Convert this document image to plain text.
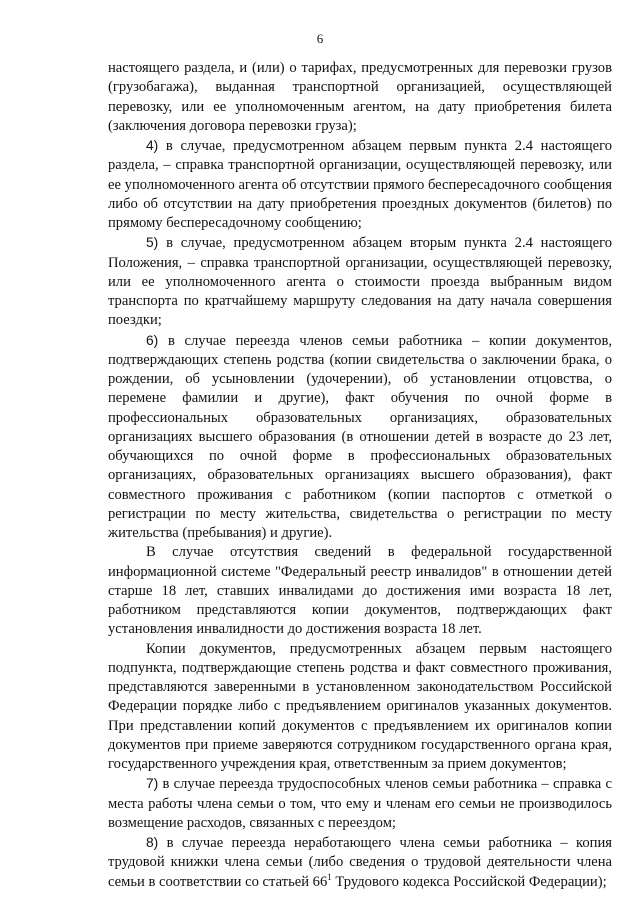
6

настоящего раздела, и (или) о тарифах, предусмотренных для перевозки грузов (грузобагажа), выданная транспортной организацией, осуществляющей перевозку, или ее уполномоченным агентом, на дату приобретения билета (заключения договора перевозки груза);

4) в случае, предусмотренном абзацем первым пункта 2.4 настоящего раздела, – справка транспортной организации, осуществляющей перевозку, или ее уполномоченного агента об отсутствии прямого беспересадочного сообщения либо об отсутствии на дату приобретения проездных документов (билетов) по прямому беспересадочному сообщению;

5) в случае, предусмотренном абзацем вторым пункта 2.4 настоящего Положения, – справка транспортной организации, осуществляющей перевозку, или ее уполномоченного агента о стоимости проезда выбранным видом транспорта по кратчайшему маршруту следования на дату начала совершения поездки;

6) в случае переезда членов семьи работника – копии документов, подтверждающих степень родства (копии свидетельства о заключении брака, о рождении, об усыновлении (удочерении), об установлении отцовства, о перемене фамилии и другие), факт обучения по очной форме в профессиональных образовательных организациях, образовательных организациях высшего образования (в отношении детей в возрасте до 23 лет, обучающихся по очной форме в профессиональных образовательных организациях, образовательных организациях высшего образования), факт совместного проживания с работником (копии паспортов с отметкой о регистрации по месту жительства, свидетельства о регистрации по месту жительства (пребывания) и другие).

В случае отсутствия сведений в федеральной государственной информационной системе "Федеральный реестр инвалидов" в отношении детей старше 18 лет, ставших инвалидами до достижения ими возраста 18 лет, работником представляются копии документов, подтверждающих факт установления инвалидности до достижения возраста 18 лет.

Копии документов, предусмотренных абзацем первым настоящего подпункта, подтверждающие степень родства и факт совместного проживания, представляются заверенными в установленном законодательством Российской Федерации порядке либо с предъявлением оригиналов указанных документов. При представлении копий документов с предъявлением их оригиналов копии документов при приеме заверяются сотрудником государственного органа края, государственного учреждения края, ответственным за прием документов;

7) в случае переезда трудоспособных членов семьи работника – справка с места работы члена семьи о том, что ему и членам его семьи не производилось возмещение расходов, связанных с переездом;

8) в случае переезда неработающего члена семьи работника – копия трудовой книжки члена семьи (либо сведения о трудовой деятельности члена семьи в соответствии со статьей $66^1$ Трудового кодекса Российской Федерации);
